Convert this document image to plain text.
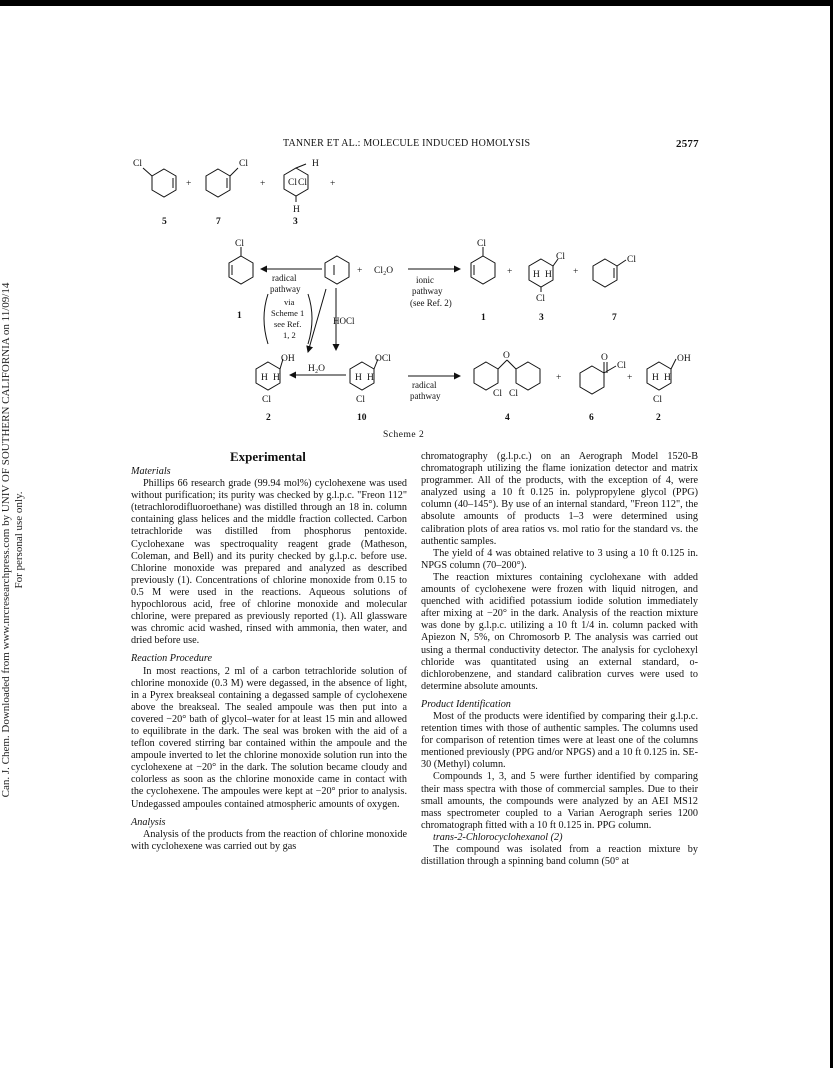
Can. J. Chem. Downloaded from www.nrcresearchpress.com by UNIV OF SOUTHERN CALIFORNIA on 11/09/14 For personal use only.
TANNER ET AL.: MOLECULE INDUCED HOMOLYSIS	2577
Cl
+
Cl
+
H
Cl Cl
H
+
5	7	3
Cl
radical
pathway
via
Scheme 1
see Ref.
1, 2
1	HOCl
+ Cl₂O
ionic
pathway
(see Ref. 2)
Cl
+
Cl
H H
Cl
+
Cl
1	3	7
OH
H H
Cl
H₂O
OCl
H H
Cl
radical
pathway
O
Cl Cl
+
O
Cl
+
OH
H H
Cl
2	10	4	6	2
Scheme 2
Experimental
Materials

Phillips 66 research grade (99.94 mol%) cyclohexene was used without purification; its purity was checked by g.l.p.c. "Freon 112" (tetrachlorodifluoroethane) was distilled through an 18 in. column containing glass helices and the middle fraction collected. Carbon tetrachloride was distilled from phosphorus pentoxide. Cyclohexane was spectroquality reagent grade (Matheson, Coleman, and Bell) and its purity checked by g.l.p.c. before use. Chlorine monoxide was prepared and analyzed as described previously (1). Concentrations of chlorine monoxide from 0.15 to 0.5 M were used in the reactions. Aqueous solutions of hypochlorous acid, free of chlorine monoxide and molecular chlorine, were prepared as previously reported (1). All glassware was chromic acid washed, rinsed with ammonia, then water, and dried before use.

Reaction Procedure

In most reactions, 2 ml of a carbon tetrachloride solution of chlorine monoxide (0.3 M) were degassed, in the absence of light, in a Pyrex breakseal containing a degassed sample of cyclohexene above the breakseal. The sealed ampoule was then put into a covered −20° bath of glycol–water for at least 15 min and allowed to equilibrate in the dark. The seal was broken with the aid of a teflon covered stirring bar contained within the ampoule and the ampoule inverted to let the chlorine monoxide solution run into the cyclohexene at −20° in the dark. The solution became cloudy and colorless as soon as the chlorine monoxide came in contact with the cyclohexene. The ampoules were kept at −20° prior to analysis. Undegassed ampoules contained atmospheric amounts of oxygen.

Analysis

Analysis of the products from the reaction of chlorine monoxide with cyclohexene was carried out by gas

chromatography (g.l.p.c.) on an Aerograph Model 1520-B chromatograph utilizing the flame ionization detector and matrix programmer. All of the products, with the exception of 4, were analyzed using a 10 ft 0.125 in. polypropylene glycol (PPG) column (40–145°). By use of an internal standard, "Freon 112", the absolute amounts of products 1–3 were determined using calibration plots of area ratios vs. mol ratio for the standard vs. the authentic samples.

The yield of 4 was obtained relative to 3 using a 10 ft 0.125 in. NPGS column (70–200°).

The reaction mixtures containing cyclohexane with added amounts of cyclohexene were frozen with liquid nitrogen, and quenched with acidified potassium iodide solution immediately after mixing at −20° in the dark. Analysis of the reaction mixture was done by g.l.p.c. utilizing a 10 ft 1/4 in. column packed with Apiezon N, 5%, on Chromosorb P. The analysis was carried out using a thermal conductivity detector. The analysis for cyclohexyl chloride was quantitated using an external standard, o-dichlorobenzene, and standard calibration curves were used to determine absolute amounts.

Product Identification

Most of the products were identified by comparing their g.l.p.c. retention times with those of authentic samples. The columns used for comparison of retention times were at least one of the columns mentioned previously (PPG and/or NPGS) and a 10 ft 0.125 in. SE-30 (Methyl) column.

Compounds 1, 3, and 5 were further identified by comparing their mass spectra with those of commercial samples. Due to their small amounts, the compounds were analyzed by an AEI MS12 mass spectrometer coupled to a Varian Aerograph series 1200 chromatograph fitted with a 10 ft 0.125 in. PPG column.

trans-2-Chlorocyclohexanol (2)

The compound was isolated from a reaction mixture by distillation through a spinning band column (50° at
